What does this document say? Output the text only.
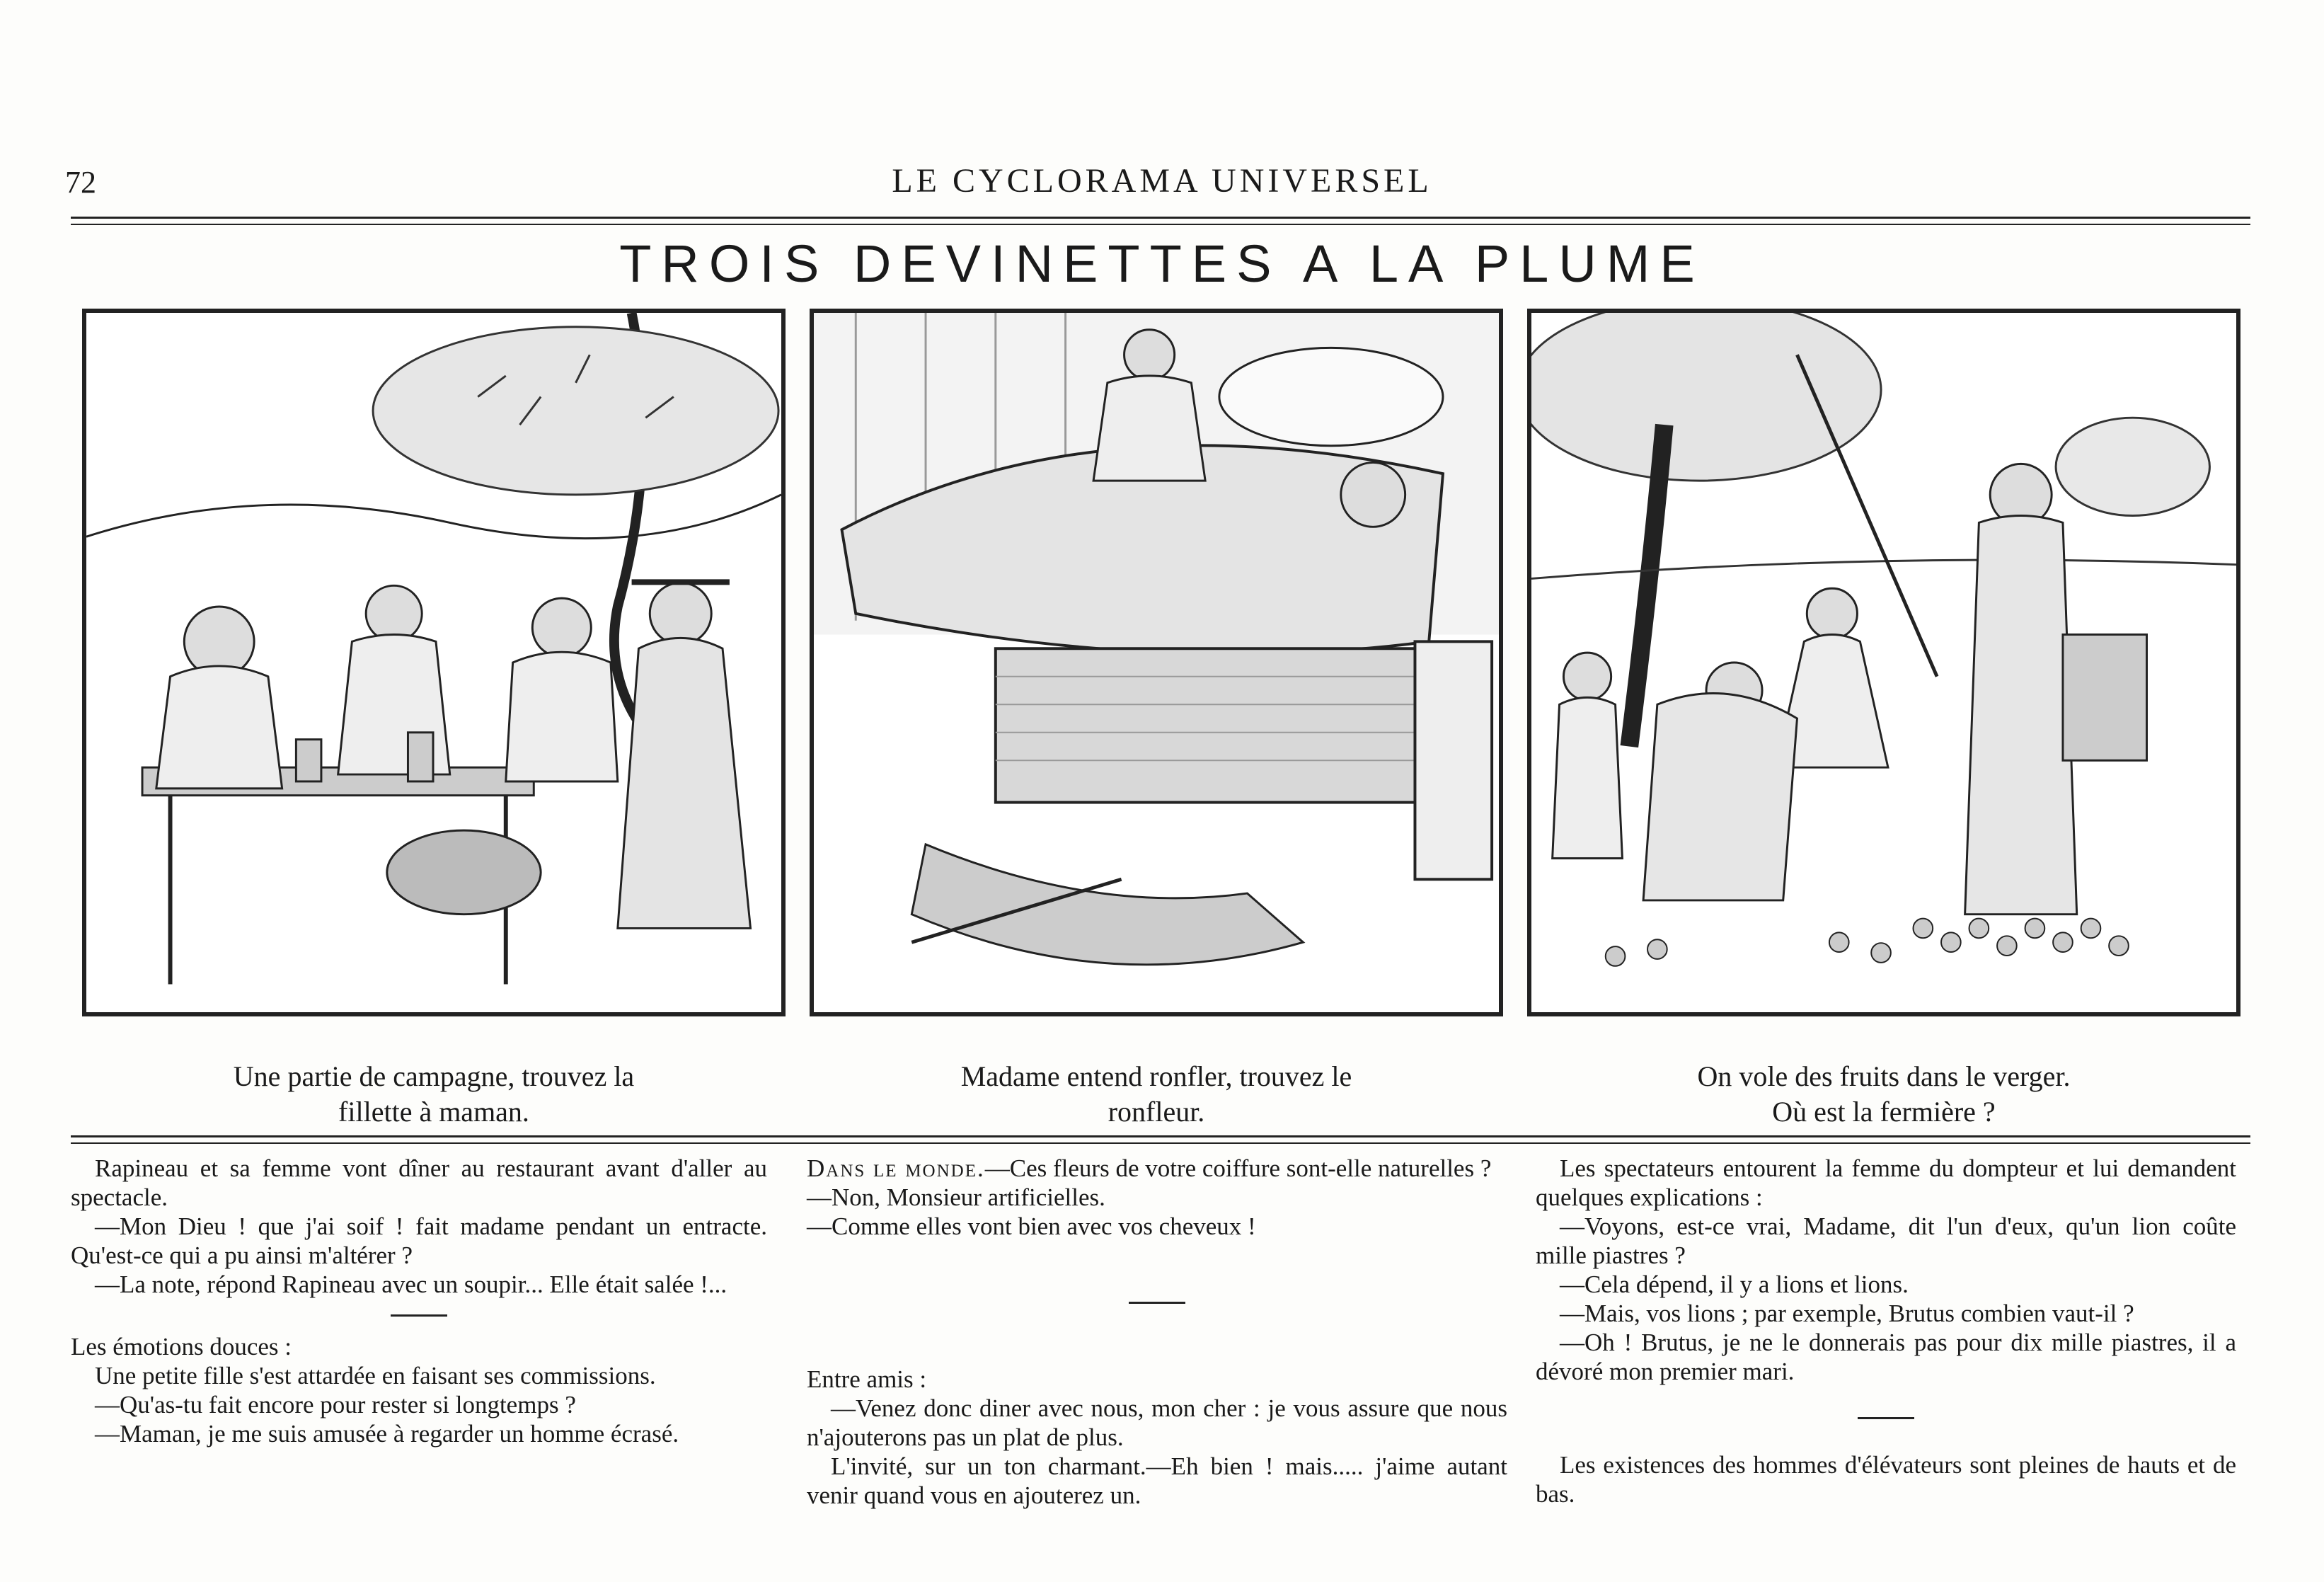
72	LE CYCLORAMA UNIVERSEL
TROIS DEVINETTES A LA PLUME
Une partie de campagne, trouvez la
fillette à maman.
Madame entend ronfler, trouvez le
ronfleur.
On vole des fruits dans le verger.
Où est la fermière ?

Rapineau et sa femme vont dîner au restaurant avant d'aller au spectacle.

—Mon Dieu ! que j'ai soif ! fait madame pendant un entracte. Qu'est-ce qui a pu ainsi m'altérer ?

—La note, répond Rapineau avec un soupir... Elle était salée !...

Les émotions douces :

Une petite fille s'est attardée en faisant ses commissions.

—Qu'as-tu fait encore pour rester si longtemps ?

—Maman, je me suis amusée à regarder un homme écrasé.

Dans le monde.—Ces fleurs de votre coiffure sont-elle naturelles ?

—Non, Monsieur artificielles.

—Comme elles vont bien avec vos cheveux !

Entre amis :

—Venez donc diner avec nous, mon cher : je vous assure que nous n'ajouterons pas un plat de plus.

L'invité, sur un ton charmant.—Eh bien ! mais..... j'aime autant venir quand vous en ajouterez un.

Les spectateurs entourent la femme du dompteur et lui demandent quelques explications :

—Voyons, est-ce vrai, Madame, dit l'un d'eux, qu'un lion coûte mille piastres ?

—Cela dépend, il y a lions et lions.

—Mais, vos lions ; par exemple, Brutus combien vaut-il ?

—Oh ! Brutus, je ne le donnerais pas pour dix mille piastres, il a dévoré mon premier mari.

Les existences des hommes d'élévateurs sont pleines de hauts et de bas.
